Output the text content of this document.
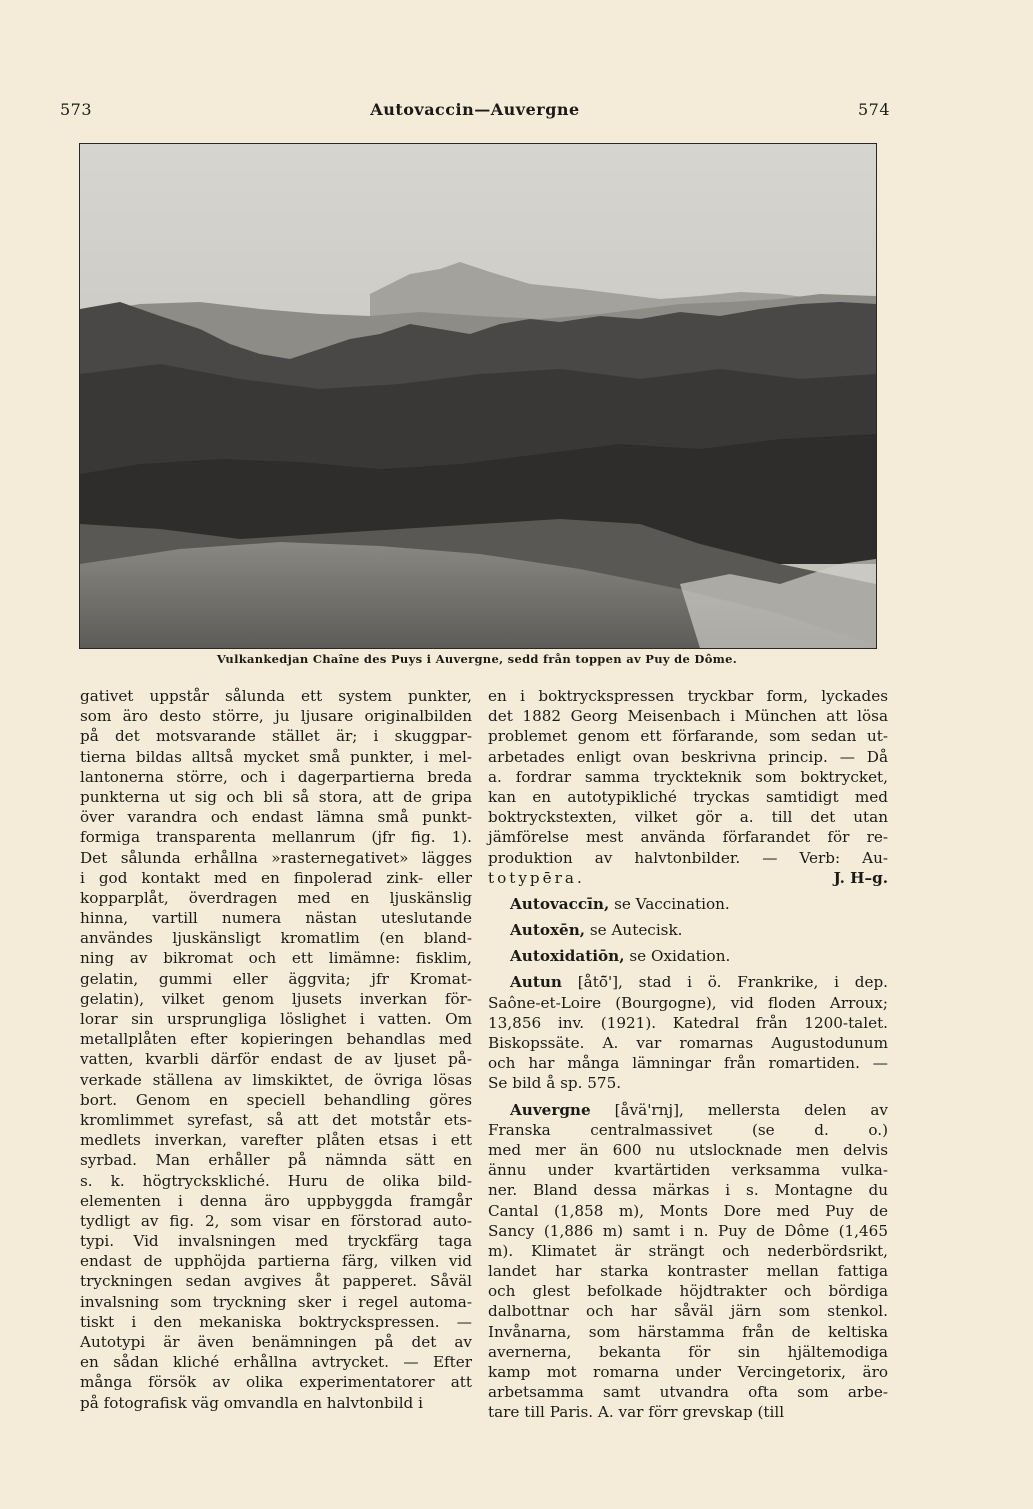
573	Autovaccin—Auvergne	574
Vulkankedjan Chaîne des Puys i Auvergne, sedd från toppen av Puy de Dôme.
gativet uppstår sålunda ett system punkter,
som äro desto större, ju ljusare originalbilden
på det motsvarande stället är; i skuggpar-
tierna bildas alltså mycket små punkter, i mel-
lantonerna större, och i dagerpartierna breda
punkterna ut sig och bli så stora, att de gripa
över varandra och endast lämna små punkt-
formiga transparenta mellanrum (jfr fig. 1).
Det sålunda erhållna »rasternegativet» lägges
i god kontakt med en finpolerad zink- eller
kopparplåt, överdragen med en ljuskänslig
hinna, vartill numera nästan uteslutande
användes ljuskänsligt kromatlim (en bland-
ning av bikromat och ett limämne: fisklim,
gelatin, gummi eller äggvita; jfr Kromat-
gelatin), vilket genom ljusets inverkan för-
lorar sin ursprungliga löslighet i vatten. Om
metallplåten efter kopieringen behandlas med
vatten, kvarbli därför endast de av ljuset på-
verkade ställena av limskiktet, de övriga lösas
bort. Genom en speciell behandling göres
kromlimmet syrefast, så att det motstår ets-
medlets inverkan, varefter plåten etsas i ett
syrbad. Man erhåller på nämnda sätt en
s. k. högtryckskliché. Huru de olika bild-
elementen i denna äro uppbyggda framgår
tydligt av fig. 2, som visar en förstorad auto-
typi. Vid invalsningen med tryckfärg taga
endast de upphöjda partierna färg, vilken vid
tryckningen sedan avgives åt papperet. Såväl
invalsning som tryckning sker i regel automa-
tiskt i den mekaniska boktryckspressen. —
Autotypi är även benämningen på det av
en sådan kliché erhållna avtrycket. — Efter
många försök av olika experimentatorer att
på fotografisk väg omvandla en halvtonbild i
en i boktryckspressen tryckbar form, lyckades
det 1882 Georg Meisenbach i München att lösa
problemet genom ett förfarande, som sedan ut-
arbetades enligt ovan beskrivna princip. — Då
a. fordrar samma tryckteknik som boktrycket,
kan en autotypikliché tryckas samtidigt med
boktryckstexten, vilket gör a. till det utan
jämförelse mest använda förfarandet för re-
produktion av halvtonbilder. — Verb: Au-
totypēra.	J. H–g.
Autovaccīn, se Vaccination.
Autoxēn, se Autecisk.
Autoxidatiōn, se Oxidation.
Autun [åtō̃'], stad i ö. Frankrike, i dep.
Saône-et-Loire (Bourgogne), vid floden Arroux;
13,856 inv. (1921). Katedral från 1200-talet.
Biskopssäte. A. var romarnas Augustodunum
och har många lämningar från romartiden. —
Se bild å sp. 575.
Auvergne [åvä'rnj], mellersta delen av
Franska centralmassivet (se d. o.)
med mer än 600 nu utslocknade men delvis
ännu under kvartärtiden verksamma vulka-
ner. Bland dessa märkas i s. Montagne du
Cantal (1,858 m), Monts Dore med Puy de
Sancy (1,886 m) samt i n. Puy de Dôme (1,465
m). Klimatet är strängt och nederbördsrikt,
landet har starka kontraster mellan fattiga
och glest befolkade höjdtrakter och bördiga
dalbottnar och har såväl järn som stenkol.
Invånarna, som härstamma från de keltiska
avernerna, bekanta för sin hjältemodiga
kamp mot romarna under Vercingetorix, äro
arbetsamma samt utvandra ofta som arbe-
tare till Paris. A. var förr grevskap (till
